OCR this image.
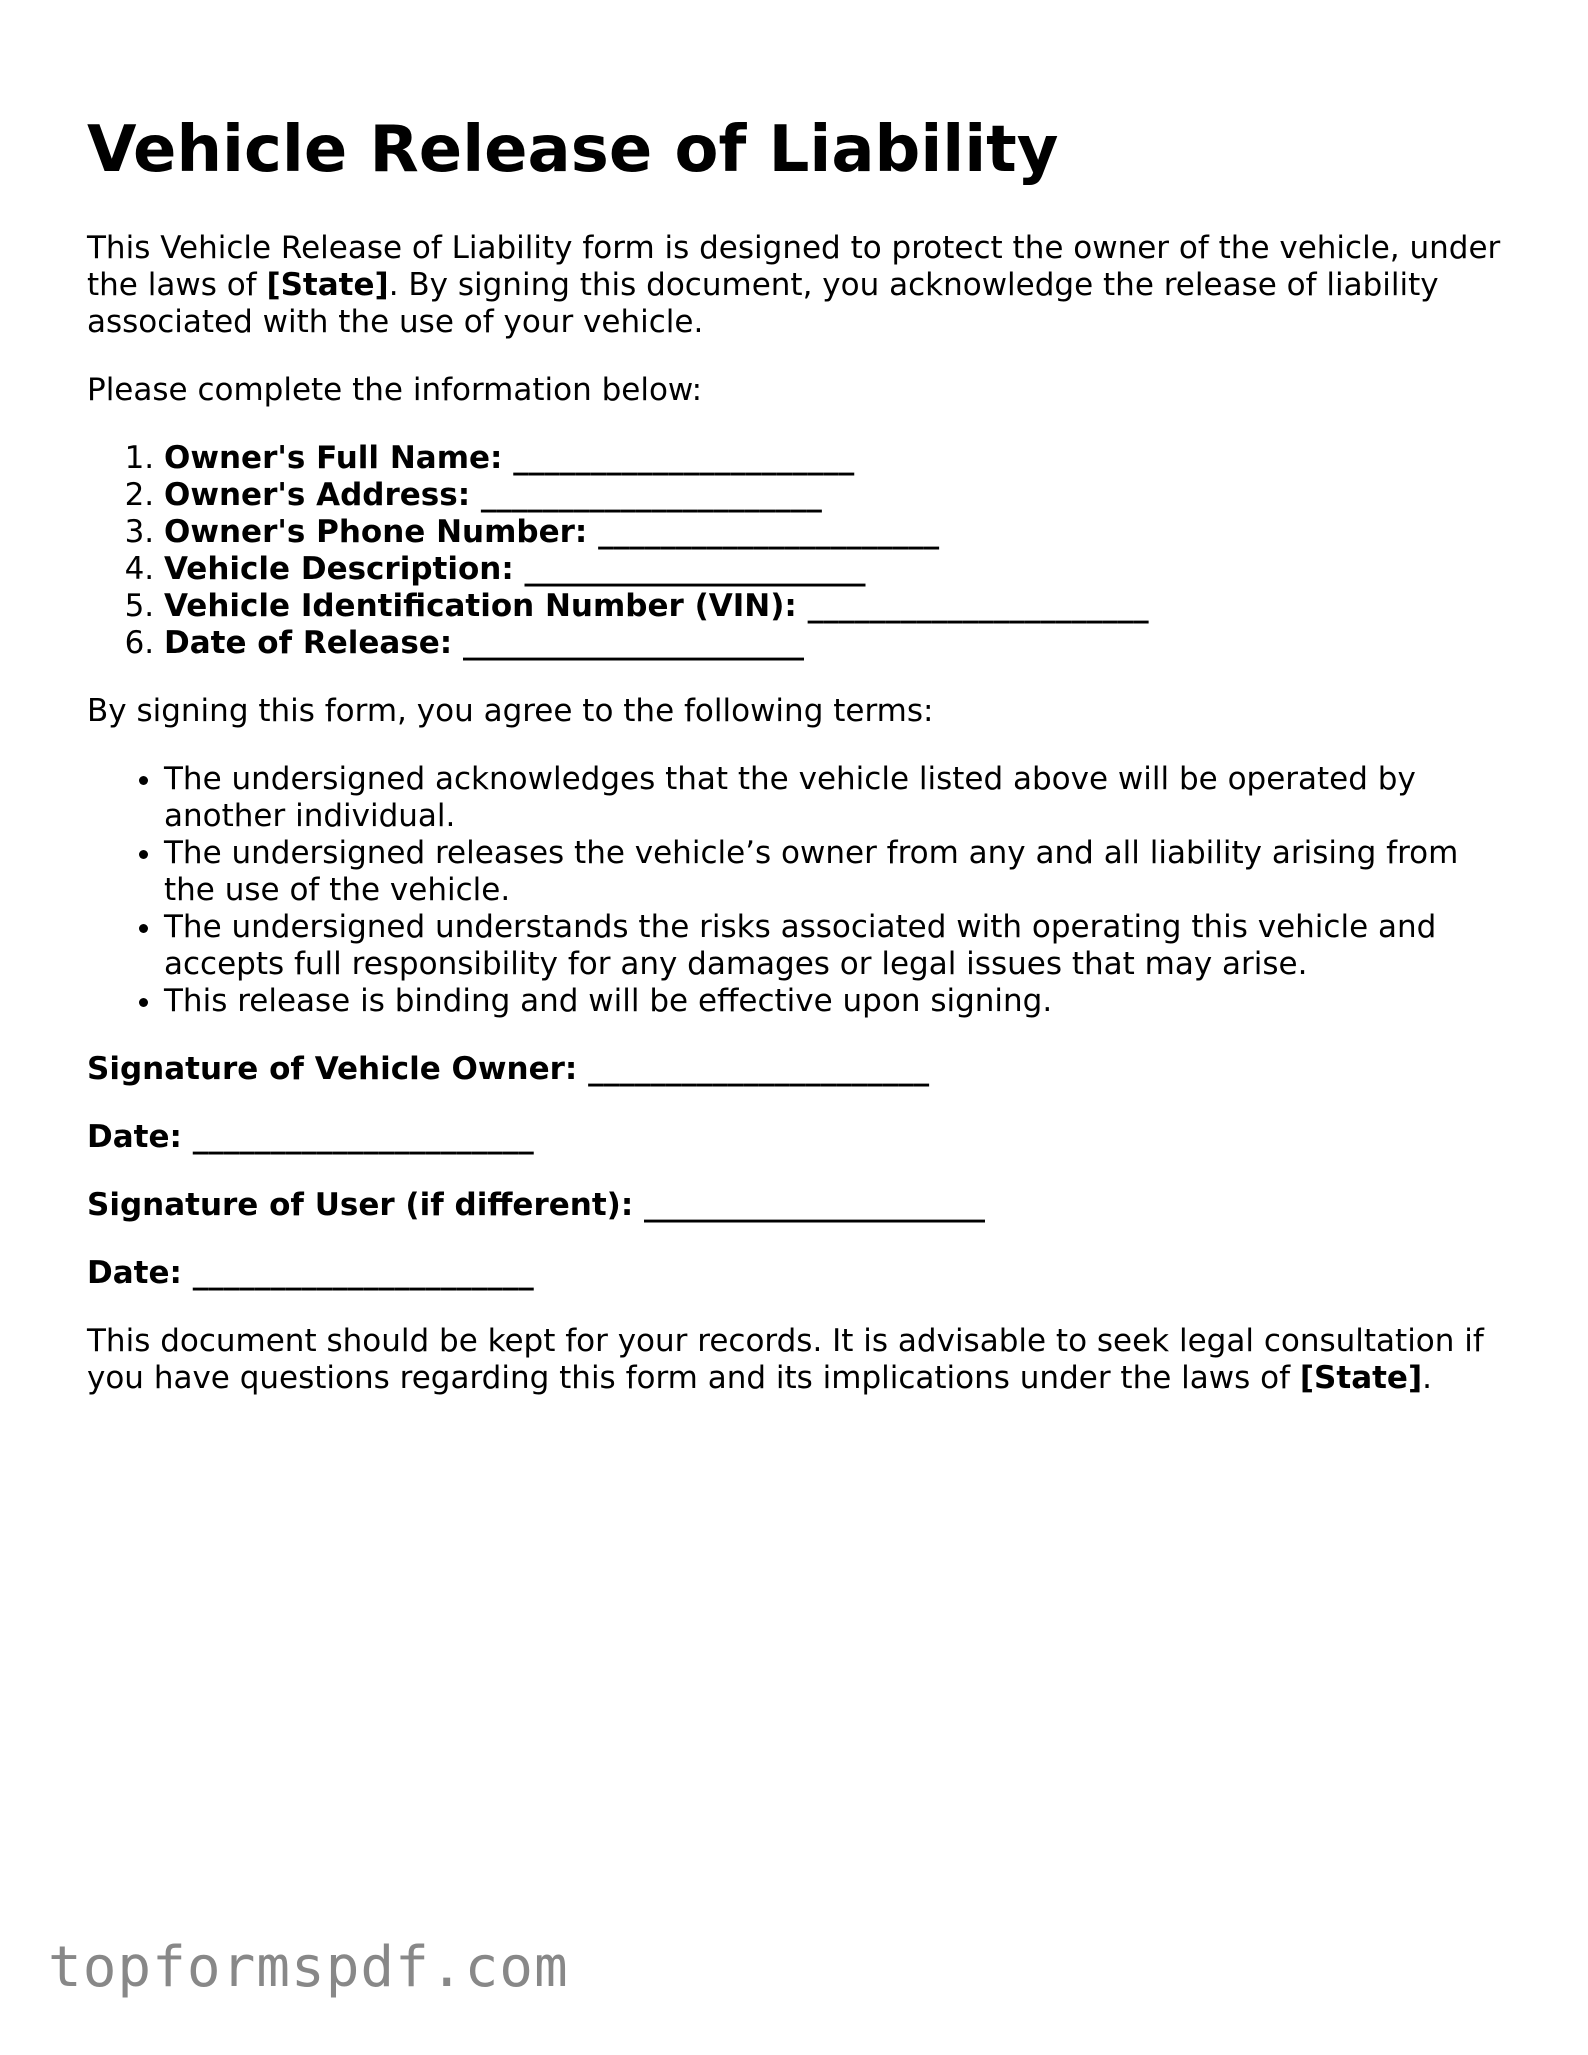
Vehicle Release of Liability

This Vehicle Release of Liability form is designed to protect the owner of the vehicle, under the laws of [State]. By signing this document, you acknowledge the release of liability associated with the use of your vehicle.

Please complete the information below:

1. Owner's Full Name: ______________________
2. Owner's Address: ______________________
3. Owner's Phone Number: ______________________
4. Vehicle Description: ______________________
5. Vehicle Identification Number (VIN): ______________________
6. Date of Release: ______________________

By signing this form, you agree to the following terms:

• The undersigned acknowledges that the vehicle listed above will be operated by another individual.
• The undersigned releases the vehicle’s owner from any and all liability arising from the use of the vehicle.
• The undersigned understands the risks associated with operating this vehicle and accepts full responsibility for any damages or legal issues that may arise.
• This release is binding and will be effective upon signing.
Signature of Vehicle Owner: ______________________
Date: ______________________
Signature of User (if different): ______________________
Date: ______________________

This document should be kept for your records. It is advisable to seek legal consultation if you have questions regarding this form and its implications under the laws of [State].

topformspdf.com
